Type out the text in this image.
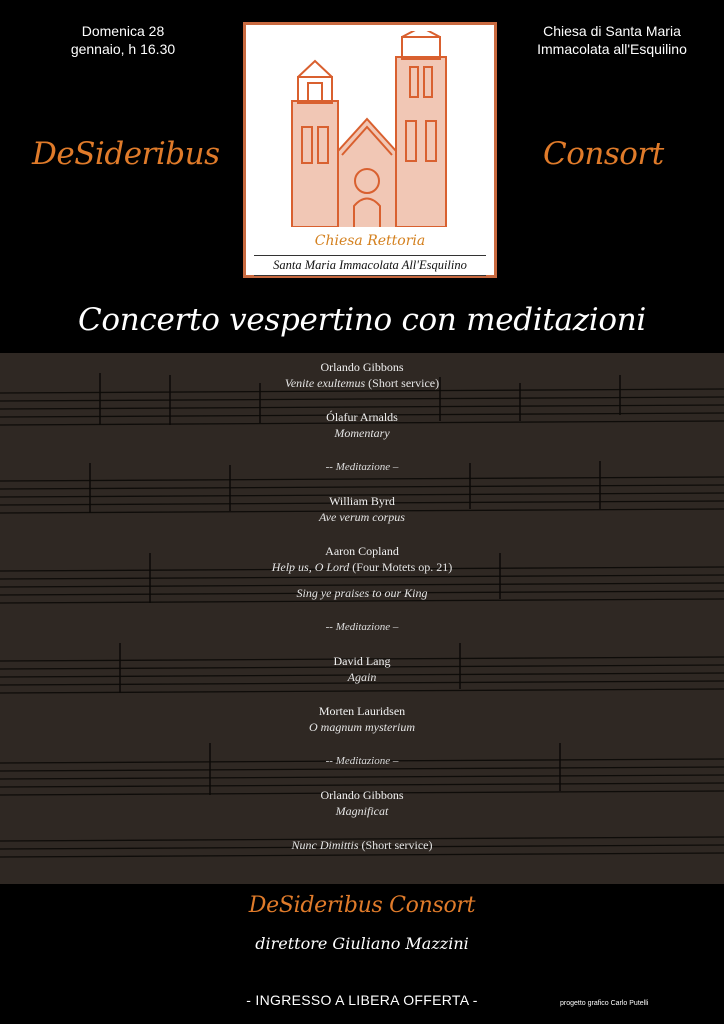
Domenica 28
gennaio, h 16.30
Chiesa di Santa Maria
Immacolata all'Esquilino
DeSideribus	Consort
Chiesa Rettoria
Santa Maria Immacolata All'Esquilino
Concerto vespertino con meditazioni
Orlando Gibbons
Venite exultemus (Short service)
Ólafur Arnalds
Momentary
-- Meditazione –
William Byrd
Ave verum corpus
Aaron Copland
Help us, O Lord (Four Motets op. 21)
Sing ye praises to our King
-- Meditazione –
David Lang
Again
Morten Lauridsen
O magnum mysterium
-- Meditazione –
Orlando Gibbons
Magnificat
Nunc Dimittis (Short service)
DeSideribus Consort
direttore Giuliano Mazzini
- INGRESSO A LIBERA OFFERTA -	progetto grafico Carlo Putelli
